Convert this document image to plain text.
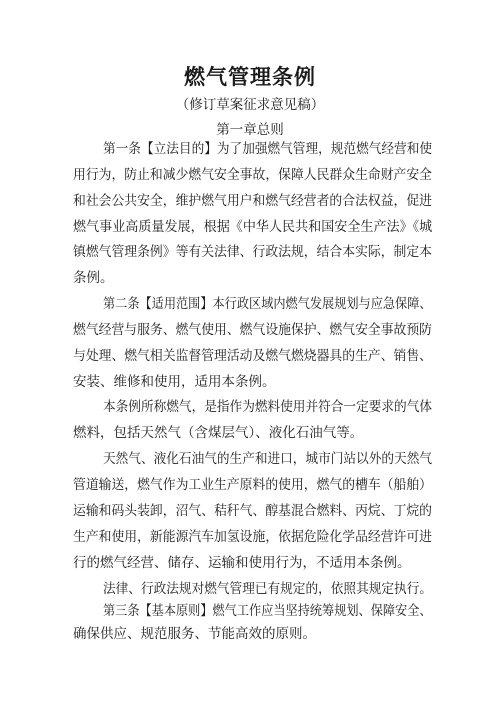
燃气管理条例
（修订草案征求意见稿）
第一章总则
第一条【立法目的】为了加强燃气管理，规范燃气经营和使
用行为，防止和减少燃气安全事故，保障人民群众生命财产安全
和社会公共安全，维护燃气用户和燃气经营者的合法权益，促进
燃气事业高质量发展，根据《中华人民共和国安全生产法》《城
镇燃气管理条例》等有关法律、行政法规，结合本实际，制定本
条例。
第二条【适用范围】本行政区域内燃气发展规划与应急保障、
燃气经营与服务、燃气使用、燃气设施保护、燃气安全事故预防
与处理、燃气相关监督管理活动及燃气燃烧器具的生产、销售、
安装、维修和使用，适用本条例。
本条例所称燃气，是指作为燃料使用并符合一定要求的气体
燃料，包括天然气（含煤层气）、液化石油气等。
天然气、液化石油气的生产和进口，城市门站以外的天然气
管道输送，燃气作为工业生产原料的使用，燃气的槽车（船舶）
运输和码头装卸，沼气、秸秆气、醇基混合燃料、丙烷、丁烷的
生产和使用，新能源汽车加氢设施，依据危险化学品经营许可进
行的燃气经营、储存、运输和使用行为，不适用本条例。
法律、行政法规对燃气管理已有规定的，依照其规定执行。
第三条【基本原则】燃气工作应当坚持统筹规划、保障安全、
确保供应、规范服务、节能高效的原则。
